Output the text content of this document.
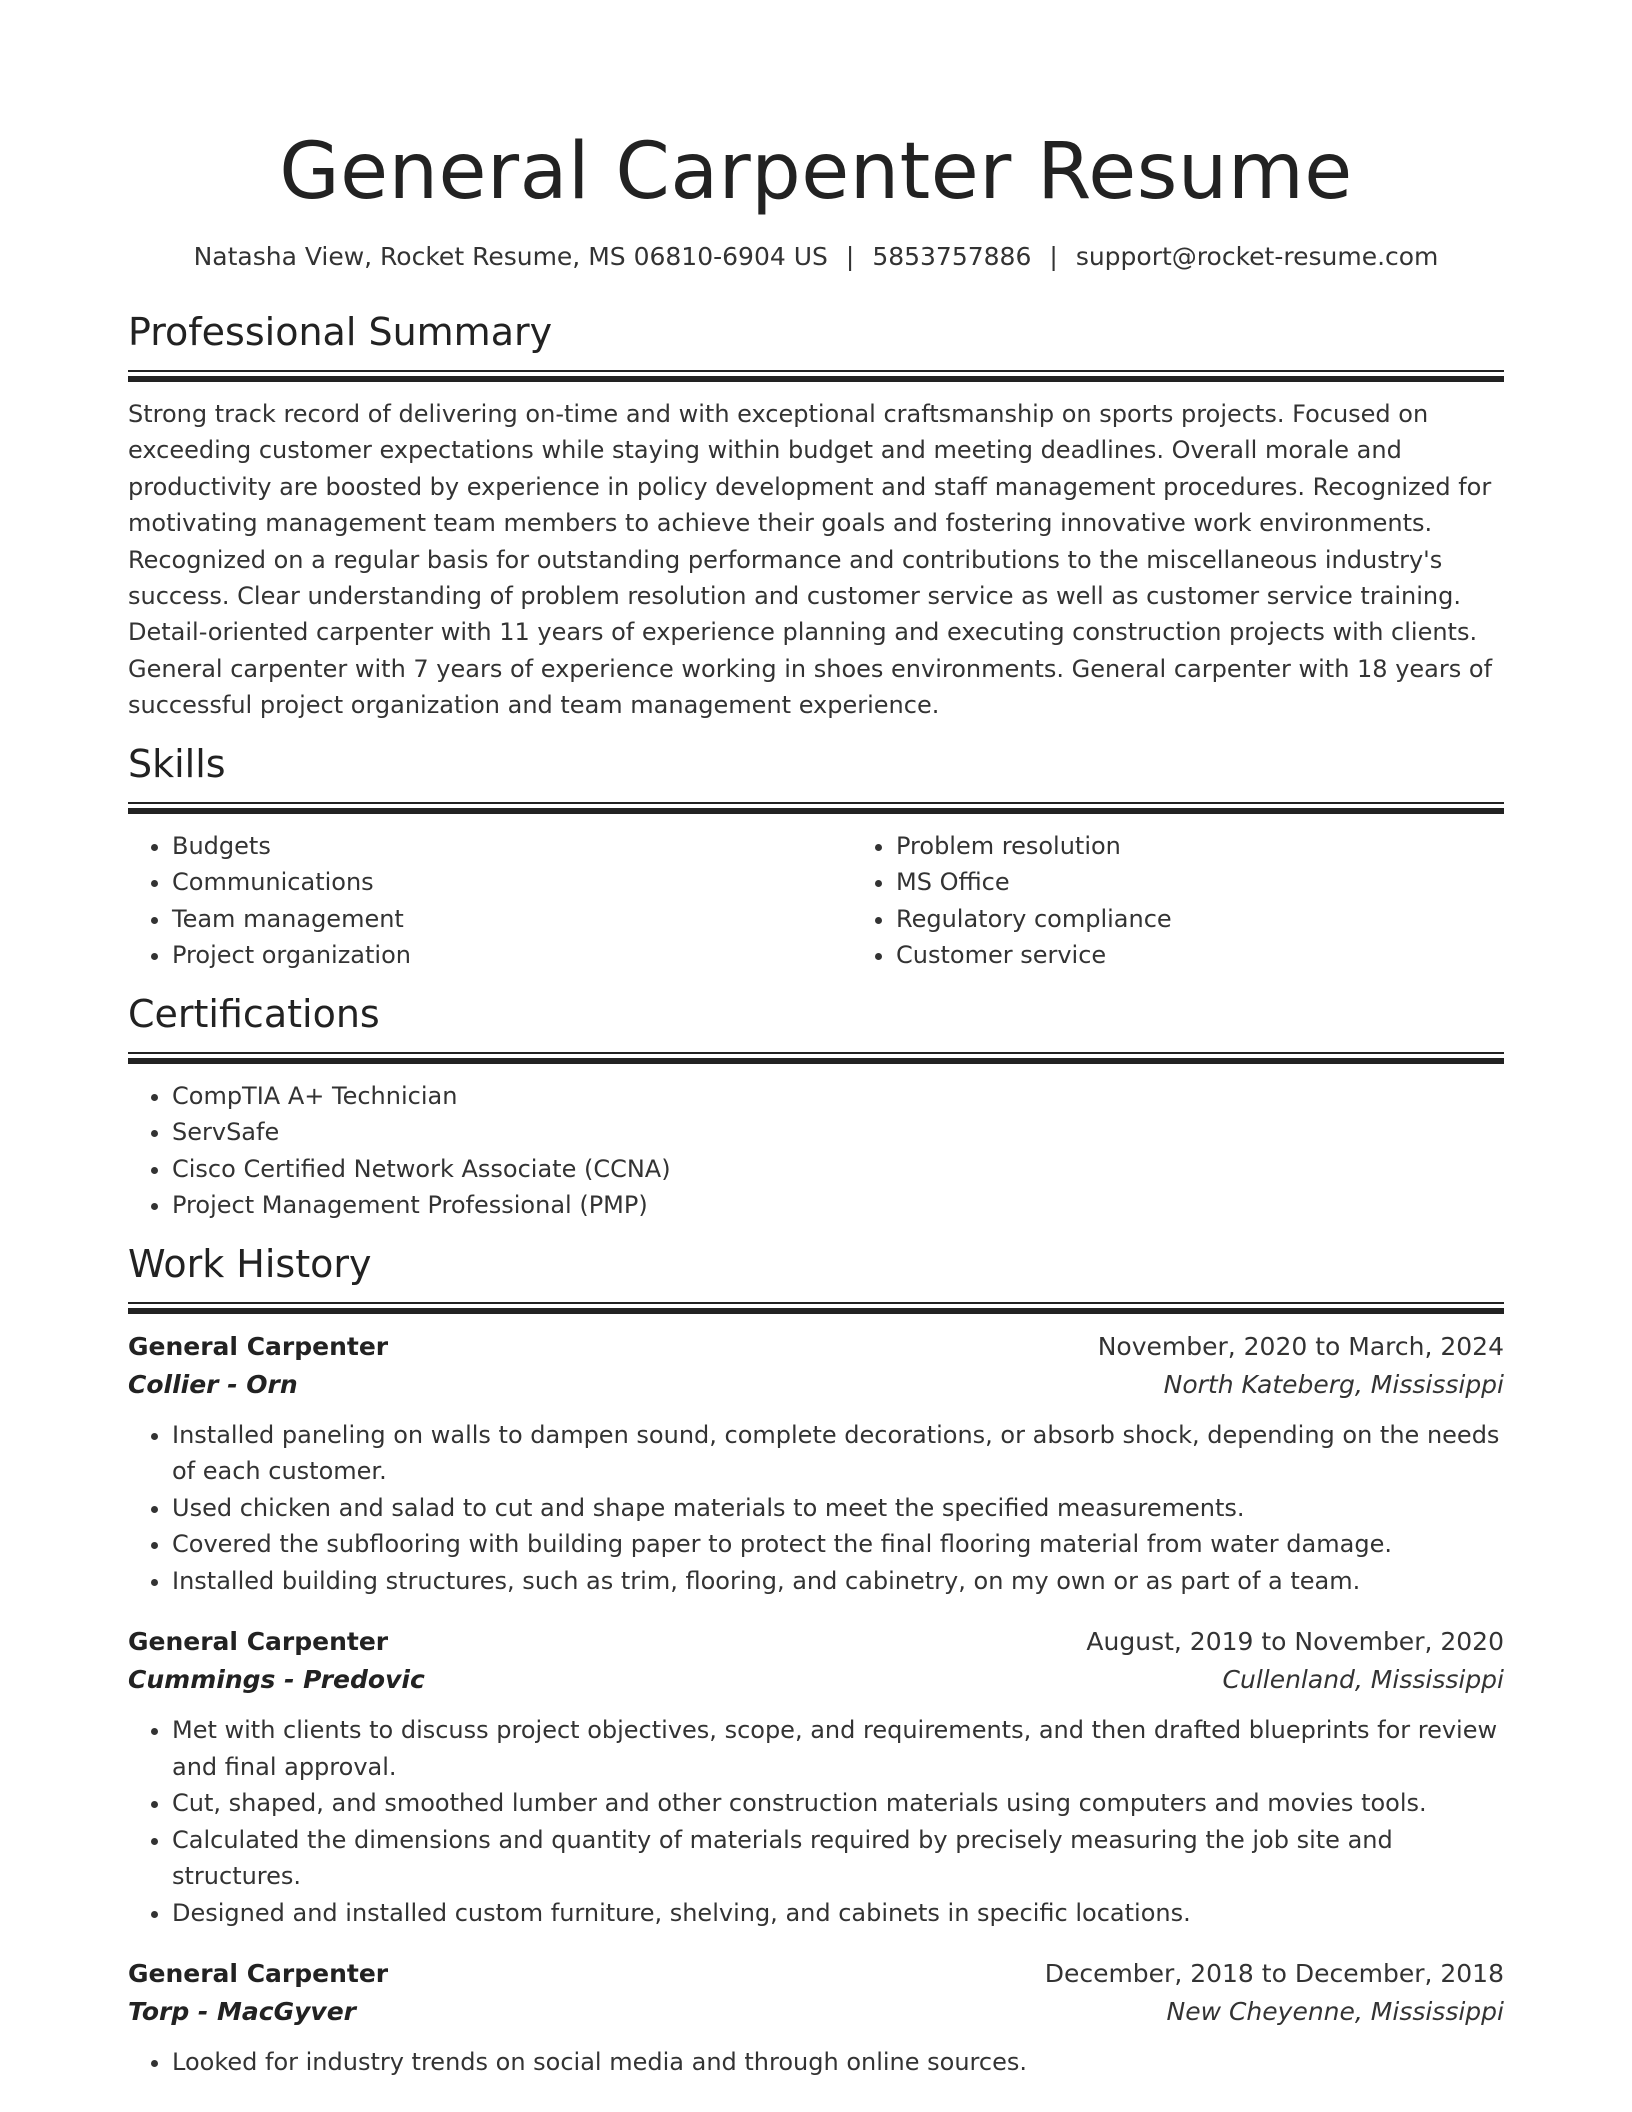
General Carpenter Resume
Natasha View, Rocket Resume, MS 06810-6904 US | 5853757886 | support@rocket-resume.com
Professional Summary

Strong track record of delivering on-time and with exceptional craftsmanship on sports projects. Focused on exceeding customer expectations while staying within budget and meeting deadlines. Overall morale and productivity are boosted by experience in policy development and staff management procedures. Recognized for motivating management team members to achieve their goals and fostering innovative work environments. Recognized on a regular basis for outstanding performance and contributions to the miscellaneous industry's success. Clear understanding of problem resolution and customer service as well as customer service training. Detail-oriented carpenter with 11 years of experience planning and executing construction projects with clients. General carpenter with 7 years of experience working in shoes environments. General carpenter with 18 years of successful project organization and team management experience.

Skills
• Budgets
• Communications
• Team management
• Project organization
• Problem resolution
• MS Office
• Regulatory compliance
• Customer service
Certifications
• CompTIA A+ Technician
• ServSafe
• Cisco Certified Network Associate (CCNA)
• Project Management Professional (PMP)
Work History
General Carpenter	November, 2020 to March, 2024
Collier - Orn	North Kateberg, Mississippi
• Installed paneling on walls to dampen sound, complete decorations, or absorb shock, depending on the needs of each customer.
• Used chicken and salad to cut and shape materials to meet the specified measurements.
• Covered the subflooring with building paper to protect the final flooring material from water damage.
• Installed building structures, such as trim, flooring, and cabinetry, on my own or as part of a team.
General Carpenter	August, 2019 to November, 2020
Cummings - Predovic	Cullenland, Mississippi
• Met with clients to discuss project objectives, scope, and requirements, and then drafted blueprints for review and final approval.
• Cut, shaped, and smoothed lumber and other construction materials using computers and movies tools.
• Calculated the dimensions and quantity of materials required by precisely measuring the job site and structures.
• Designed and installed custom furniture, shelving, and cabinets in specific locations.
General Carpenter	December, 2018 to December, 2018
Torp - MacGyver	New Cheyenne, Mississippi
• Looked for industry trends on social media and through online sources.
